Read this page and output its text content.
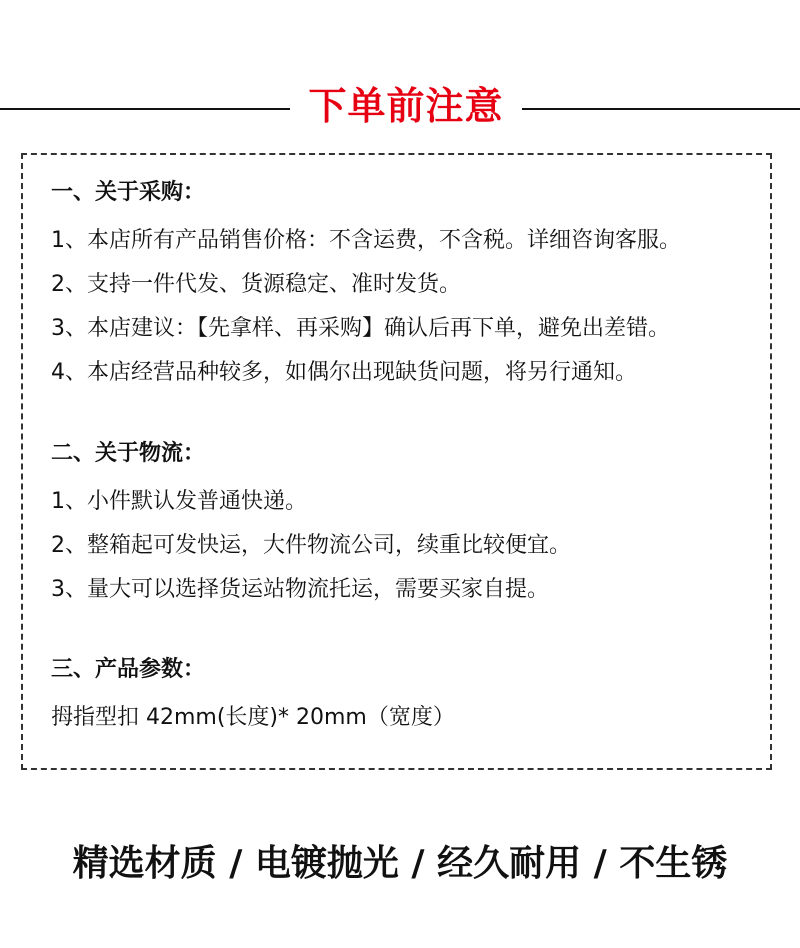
下单前注意
一、关于采购：
1、本店所有产品销售价格：不含运费，不含税。详细咨询客服。
2、支持一件代发、货源稳定、准时发货。
3、本店建议：【先拿样、再采购】确认后再下单，避免出差错。
4、本店经营品种较多，如偶尔出现缺货问题，将另行通知。
二、关于物流：
1、小件默认发普通快递。
2、整箱起可发快运，大件物流公司，续重比较便宜。
3、量大可以选择货运站物流托运，需要买家自提。
三、产品参数：
拇指型扣 42mm(长度)* 20mm（宽度）
精选材质 / 电镀抛光 / 经久耐用 / 不生锈
